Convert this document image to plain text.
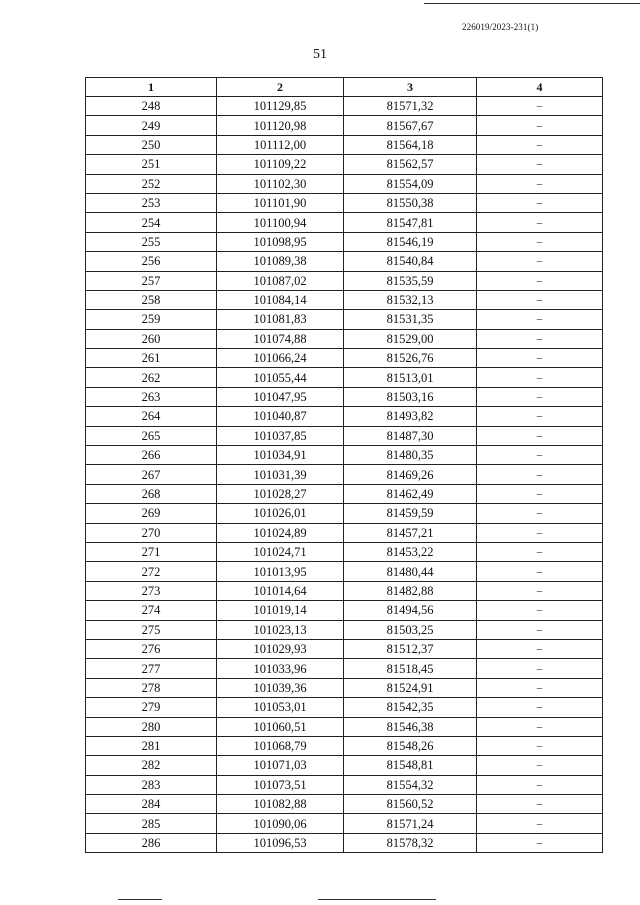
226019/2023-231(1)
51
1	2	3	4
248	101129,85	81571,32	–
249	101120,98	81567,67	–
250	101112,00	81564,18	–
251	101109,22	81562,57	–
252	101102,30	81554,09	–
253	101101,90	81550,38	–
254	101100,94	81547,81	–
255	101098,95	81546,19	–
256	101089,38	81540,84	–
257	101087,02	81535,59	–
258	101084,14	81532,13	–
259	101081,83	81531,35	–
260	101074,88	81529,00	–
261	101066,24	81526,76	–
262	101055,44	81513,01	–
263	101047,95	81503,16	–
264	101040,87	81493,82	–
265	101037,85	81487,30	–
266	101034,91	81480,35	–
267	101031,39	81469,26	–
268	101028,27	81462,49	–
269	101026,01	81459,59	–
270	101024,89	81457,21	–
271	101024,71	81453,22	–
272	101013,95	81480,44	–
273	101014,64	81482,88	–
274	101019,14	81494,56	–
275	101023,13	81503,25	–
276	101029,93	81512,37	–
277	101033,96	81518,45	–
278	101039,36	81524,91	–
279	101053,01	81542,35	–
280	101060,51	81546,38	–
281	101068,79	81548,26	–
282	101071,03	81548,81	–
283	101073,51	81554,32	–
284	101082,88	81560,52	–
285	101090,06	81571,24	–
286	101096,53	81578,32	–
